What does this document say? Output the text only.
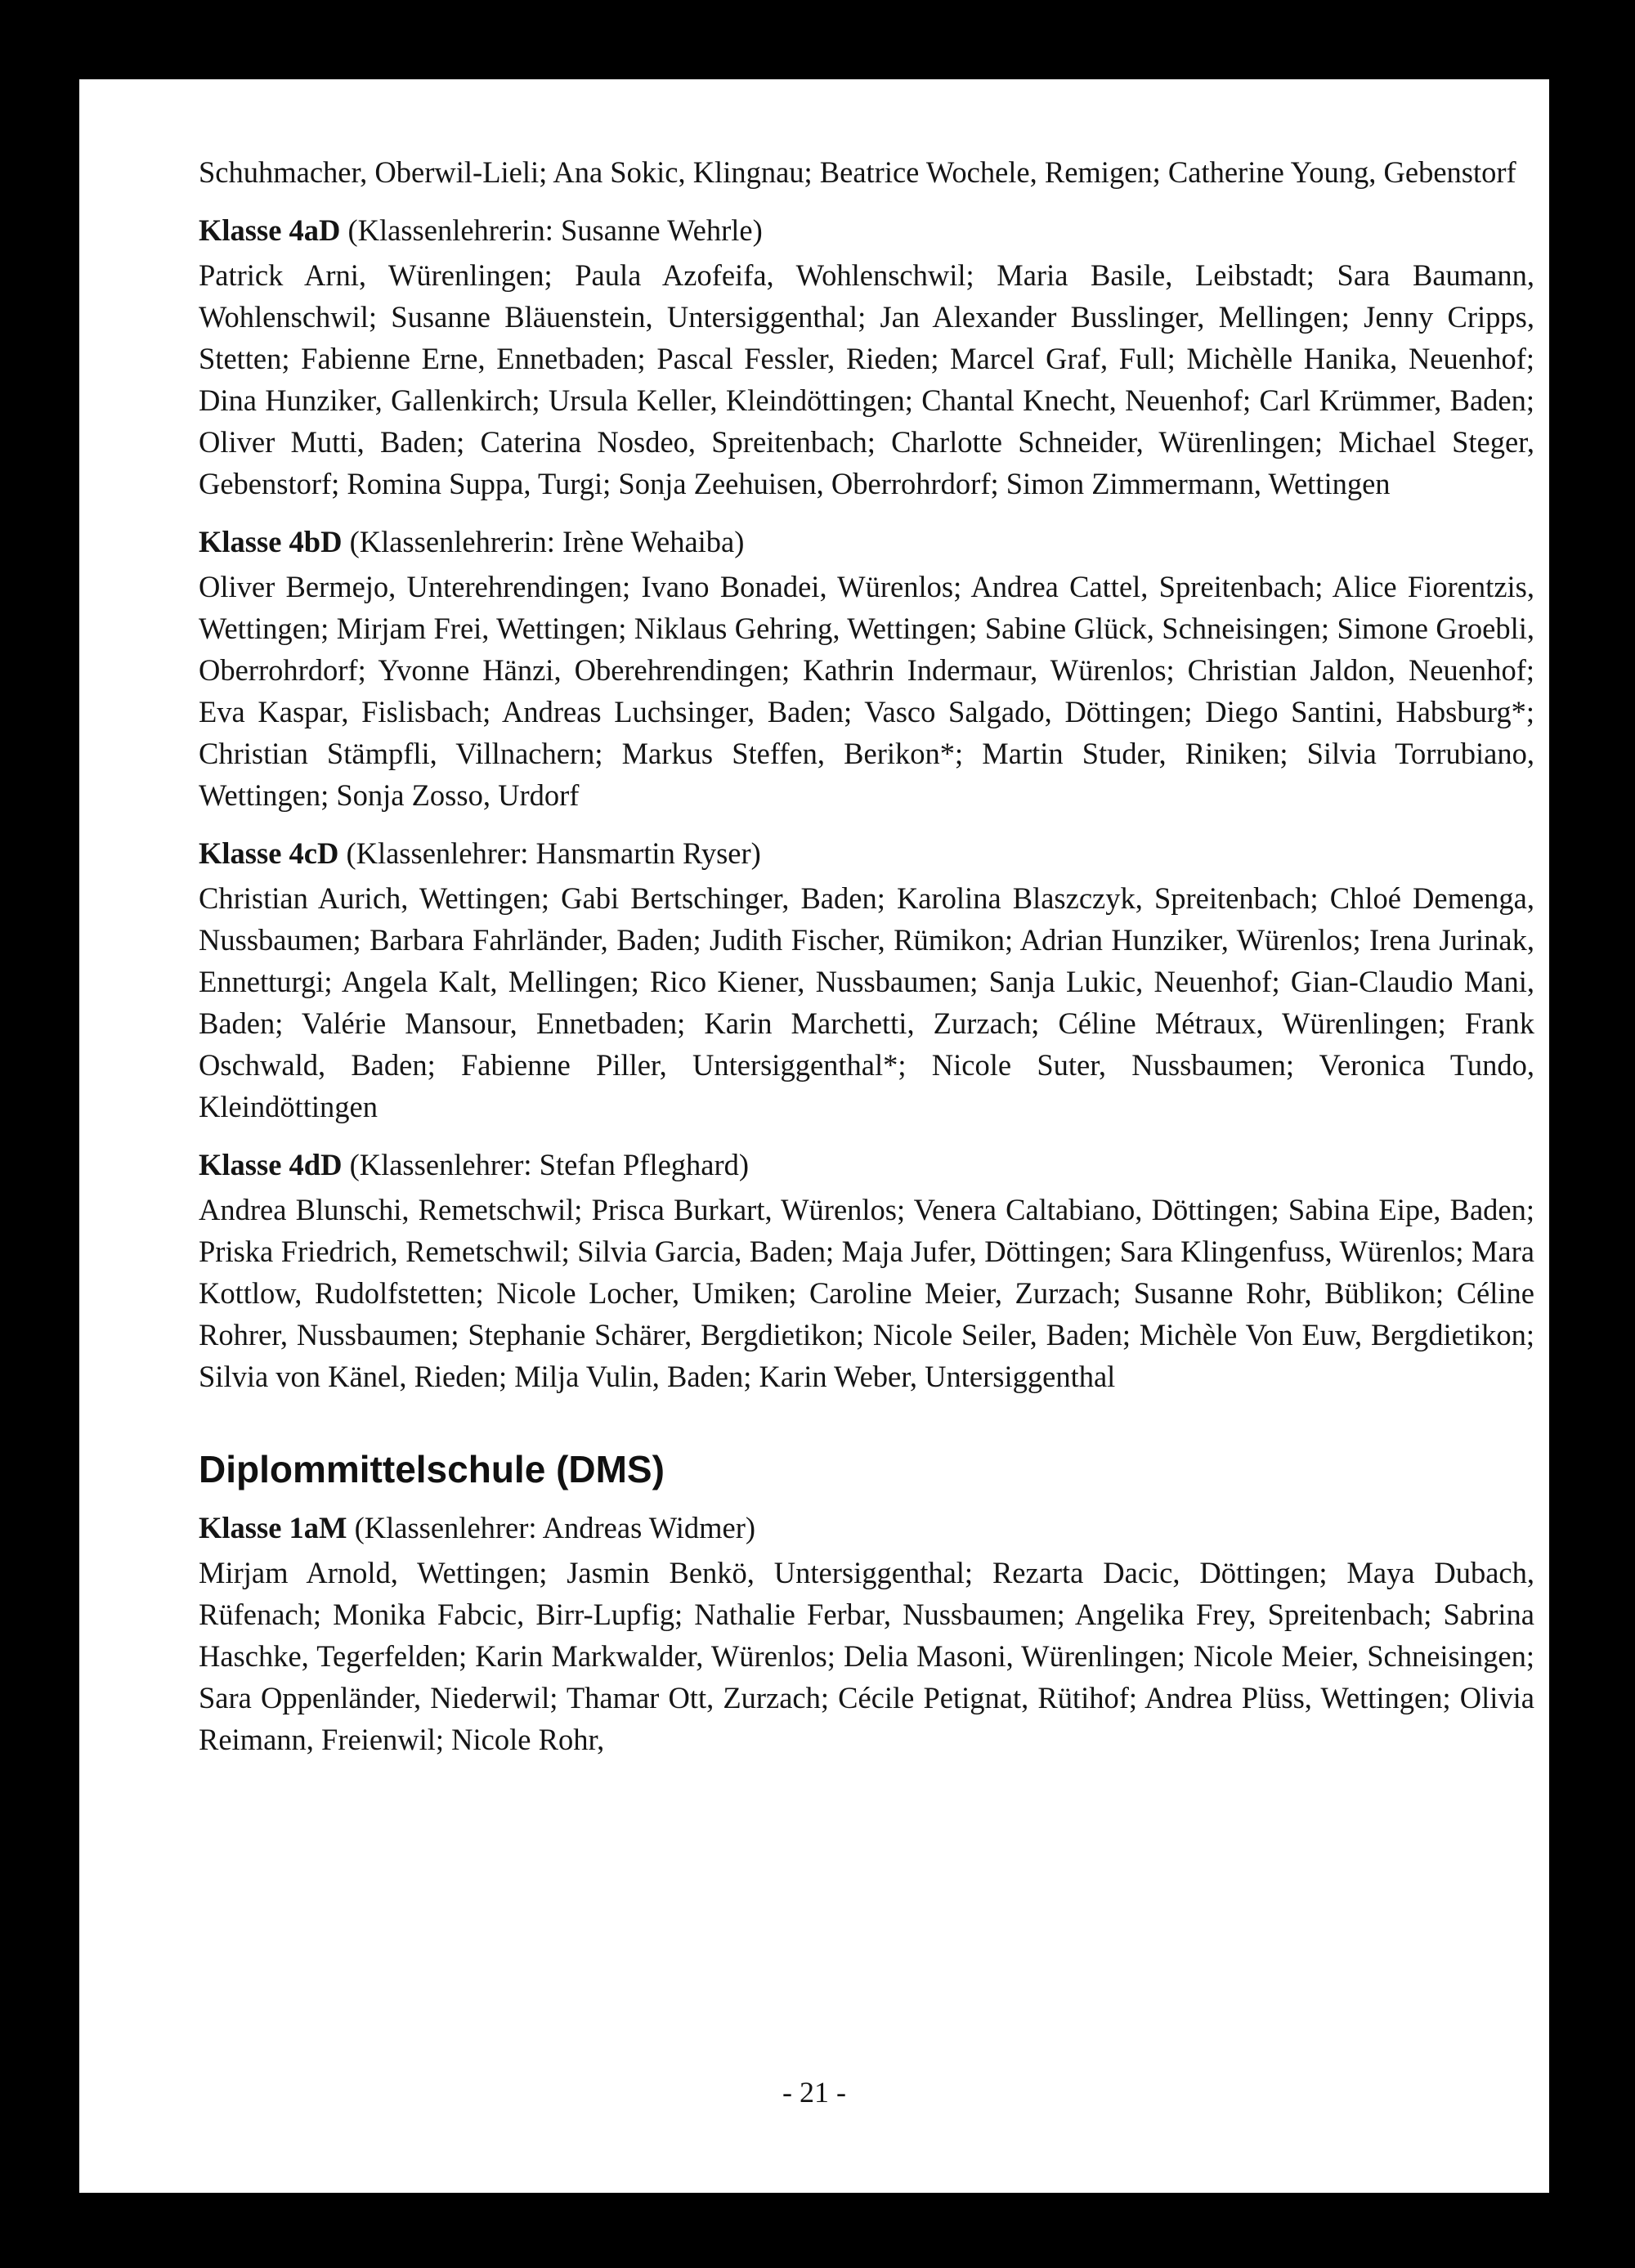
Schuhmacher, Oberwil-Lieli; Ana Sokic, Klingnau; Beatrice Wochele, Remigen; Catherine Young, Gebenstorf

Klasse 4aD (Klassenlehrerin: Susanne Wehrle)

Patrick Arni, Würenlingen; Paula Azofeifa, Wohlenschwil; Maria Basile, Leibstadt; Sara Baumann, Wohlenschwil; Susanne Bläuenstein, Untersiggenthal; Jan Alexander Busslinger, Mellingen; Jenny Cripps, Stetten; Fabienne Erne, Ennetbaden; Pascal Fessler, Rieden; Marcel Graf, Full; Michèlle Hanika, Neuenhof; Dina Hunziker, Gallenkirch; Ursula Keller, Kleindöttingen; Chantal Knecht, Neuenhof; Carl Krümmer, Baden; Oliver Mutti, Baden; Caterina Nosdeo, Spreitenbach; Charlotte Schneider, Würenlingen; Michael Steger, Gebenstorf; Romina Suppa, Turgi; Sonja Zeehuisen, Oberrohrdorf; Simon Zimmermann, Wettingen

Klasse 4bD (Klassenlehrerin: Irène Wehaiba)

Oliver Bermejo, Unterehrendingen; Ivano Bonadei, Würenlos; Andrea Cattel, Spreitenbach; Alice Fiorentzis, Wettingen; Mirjam Frei, Wettingen; Niklaus Gehring, Wettingen; Sabine Glück, Schneisingen; Simone Groebli, Oberrohrdorf; Yvonne Hänzi, Oberehrendingen; Kathrin Indermaur, Würenlos; Christian Jaldon, Neuenhof; Eva Kaspar, Fislisbach; Andreas Luchsinger, Baden; Vasco Salgado, Döttingen; Diego Santini, Habsburg*; Christian Stämpfli, Villnachern; Markus Steffen, Berikon*; Martin Studer, Riniken; Silvia Torrubiano, Wettingen; Sonja Zosso, Urdorf

Klasse 4cD (Klassenlehrer: Hansmartin Ryser)

Christian Aurich, Wettingen; Gabi Bertschinger, Baden; Karolina Blaszczyk, Spreitenbach; Chloé Demenga, Nussbaumen; Barbara Fahrländer, Baden; Judith Fischer, Rümikon; Adrian Hunziker, Würenlos; Irena Jurinak, Ennetturgi; Angela Kalt, Mellingen; Rico Kiener, Nussbaumen; Sanja Lukic, Neuenhof; Gian-Claudio Mani, Baden; Valérie Mansour, Ennetbaden; Karin Marchetti, Zurzach; Céline Métraux, Würenlingen; Frank Oschwald, Baden; Fabienne Piller, Untersiggenthal*; Nicole Suter, Nussbaumen; Veronica Tundo, Kleindöttingen

Klasse 4dD (Klassenlehrer: Stefan Pfleghard)

Andrea Blunschi, Remetschwil; Prisca Burkart, Würenlos; Venera Caltabiano, Döttingen; Sabina Eipe, Baden; Priska Friedrich, Remetschwil; Silvia Garcia, Baden; Maja Jufer, Döttingen; Sara Klingenfuss, Würenlos; Mara Kottlow, Rudolfstetten; Nicole Locher, Umiken; Caroline Meier, Zurzach; Susanne Rohr, Büblikon; Céline Rohrer, Nussbaumen; Stephanie Schärer, Bergdietikon; Nicole Seiler, Baden; Michèle Von Euw, Bergdietikon; Silvia von Känel, Rieden; Milja Vulin, Baden; Karin Weber, Untersiggenthal

Diplommittelschule (DMS)

Klasse 1aM (Klassenlehrer: Andreas Widmer)

Mirjam Arnold, Wettingen; Jasmin Benkö, Untersiggenthal; Rezarta Dacic, Döttingen; Maya Dubach, Rüfenach; Monika Fabcic, Birr-Lupfig; Nathalie Ferbar, Nussbaumen; Angelika Frey, Spreitenbach; Sabrina Haschke, Tegerfelden; Karin Markwalder, Würenlos; Delia Masoni, Würenlingen; Nicole Meier, Schneisingen; Sara Oppenländer, Niederwil; Thamar Ott, Zurzach; Cécile Petignat, Rütihof; Andrea Plüss, Wettingen; Olivia Reimann, Freienwil; Nicole Rohr,

- 21 -
